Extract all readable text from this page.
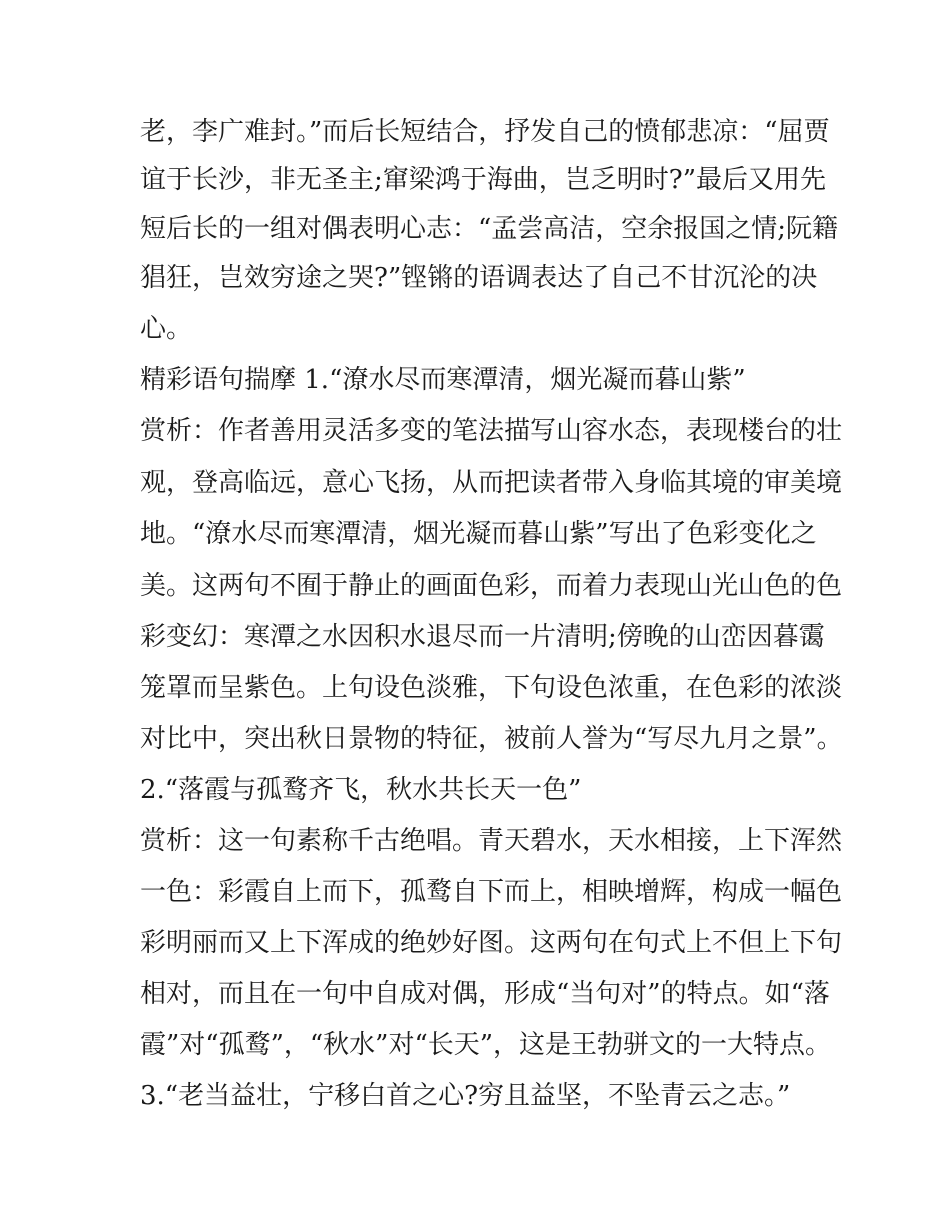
老，李广难封。”而后长短结合，抒发自己的愤郁悲凉：“屈贾
谊于长沙，非无圣主;窜梁鸿于海曲，岂乏明时?”最后又用先
短后长的一组对偶表明心志：“孟尝高洁，空余报国之情;阮籍
猖狂，岂效穷途之哭?”铿锵的语调表达了自己不甘沉沦的决
心。
精彩语句揣摩 1.“潦水尽而寒潭清，烟光凝而暮山紫”
赏析：作者善用灵活多变的笔法描写山容水态，表现楼台的壮
观，登高临远，意心飞扬，从而把读者带入身临其境的审美境
地。“潦水尽而寒潭清，烟光凝而暮山紫”写出了色彩变化之
美。这两句不囿于静止的画面色彩，而着力表现山光山色的色
彩变幻：寒潭之水因积水退尽而一片清明;傍晚的山峦因暮霭
笼罩而呈紫色。上句设色淡雅，下句设色浓重，在色彩的浓淡
对比中，突出秋日景物的特征，被前人誉为“写尽九月之景”。
2.“落霞与孤鹜齐飞，秋水共长天一色”
赏析：这一句素称千古绝唱。青天碧水，天水相接，上下浑然
一色：彩霞自上而下，孤鹜自下而上，相映增辉，构成一幅色
彩明丽而又上下浑成的绝妙好图。这两句在句式上不但上下句
相对，而且在一句中自成对偶，形成“当句对”的特点。如“落
霞”对“孤鹜”，“秋水”对“长天”，这是王勃骈文的一大特点。
3.“老当益壮，宁移白首之心?穷且益坚，不坠青云之志。”
